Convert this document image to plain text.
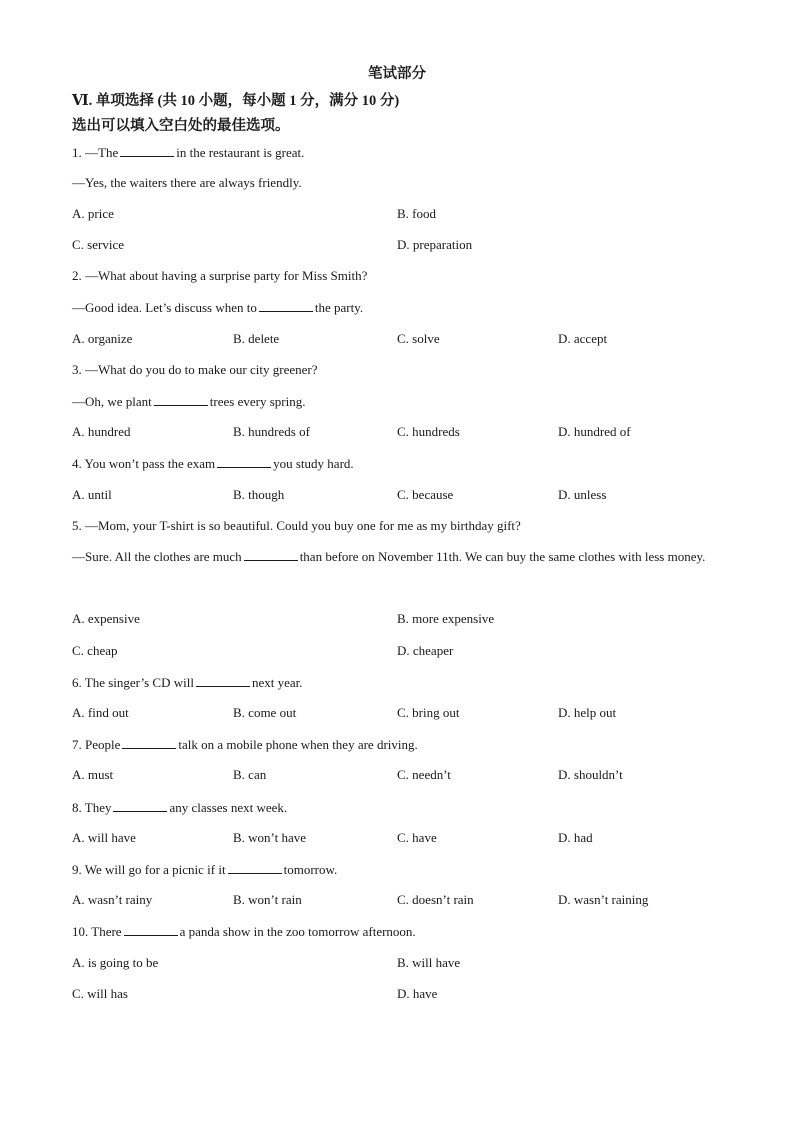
笔试部分
Ⅵ. 单项选择 (共 10 小题，每小题 1 分，满分 10 分)
选出可以填入空白处的最佳选项。
1. —The	in the restaurant is great.
—Yes, the waiters there are always friendly.
A. price	B. food
C. service	D. preparation
2. —What about having a surprise party for Miss Smith?
—Good idea. Let’s discuss when to	the party.
A. organize	B. delete	C. solve	D. accept
3. —What do you do to make our city greener?
—Oh, we plant	trees every spring.
A. hundred	B. hundreds of	C. hundreds	D. hundred of
4. You won’t pass the exam	you study hard.
A. until	B. though	C. because	D. unless
5. —Mom, your T-shirt is so beautiful. Could you buy one for me as my birthday gift?
—Sure. All the clothes are much	than before on November 11th. We can buy the same clothes with less money.
A. expensive	B. more expensive
C. cheap	D. cheaper
6. The singer’s CD will	next year.
A. find out	B. come out	C. bring out	D. help out
7. People	talk on a mobile phone when they are driving.
A. must	B. can	C. needn’t	D. shouldn’t
8. They	any classes next week.
A. will have	B. won’t have	C. have	D. had
9. We will go for a picnic if it	tomorrow.
A. wasn’t rainy	B. won’t rain	C. doesn’t rain	D. wasn’t raining
10. There	a panda show in the zoo tomorrow afternoon.
A. is going to be	B. will have
C. will has	D. have
